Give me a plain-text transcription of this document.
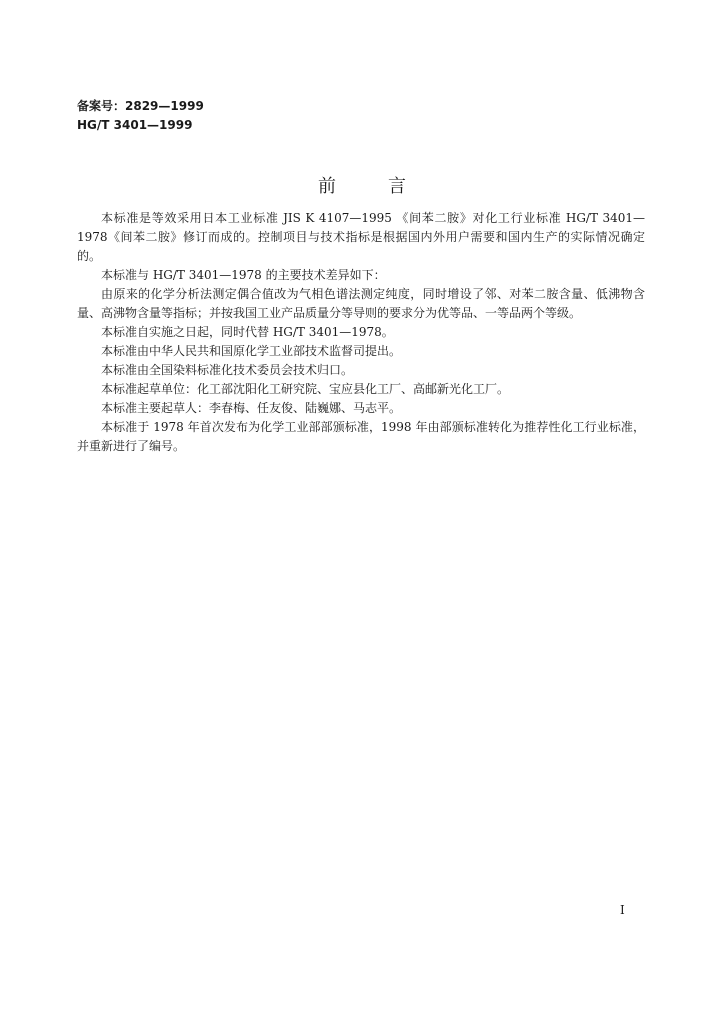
备案号：2829—1999
HG/T 3401—1999
前言

本标准是等效采用日本工业标准 JIS K 4107—1995 《间苯二胺》对化工行业标准 HG/T 3401—1978《间苯二胺》修订而成的。控制项目与技术指标是根据国内外用户需要和国内生产的实际情况确定的。

本标准与 HG/T 3401—1978 的主要技术差异如下：

由原来的化学分析法测定偶合值改为气相色谱法测定纯度，同时增设了邻、对苯二胺含量、低沸物含量、高沸物含量等指标；并按我国工业产品质量分等导则的要求分为优等品、一等品两个等级。

本标准自实施之日起，同时代替 HG/T 3401—1978。

本标准由中华人民共和国原化学工业部技术监督司提出。

本标准由全国染料标准化技术委员会技术归口。

本标准起草单位：化工部沈阳化工研究院、宝应县化工厂、高邮新光化工厂。

本标准主要起草人：李春梅、任友俊、陆巍娜、马志平。

本标准于 1978 年首次发布为化学工业部部颁标准，1998 年由部颁标准转化为推荐性化工行业标准，并重新进行了编号。

I
